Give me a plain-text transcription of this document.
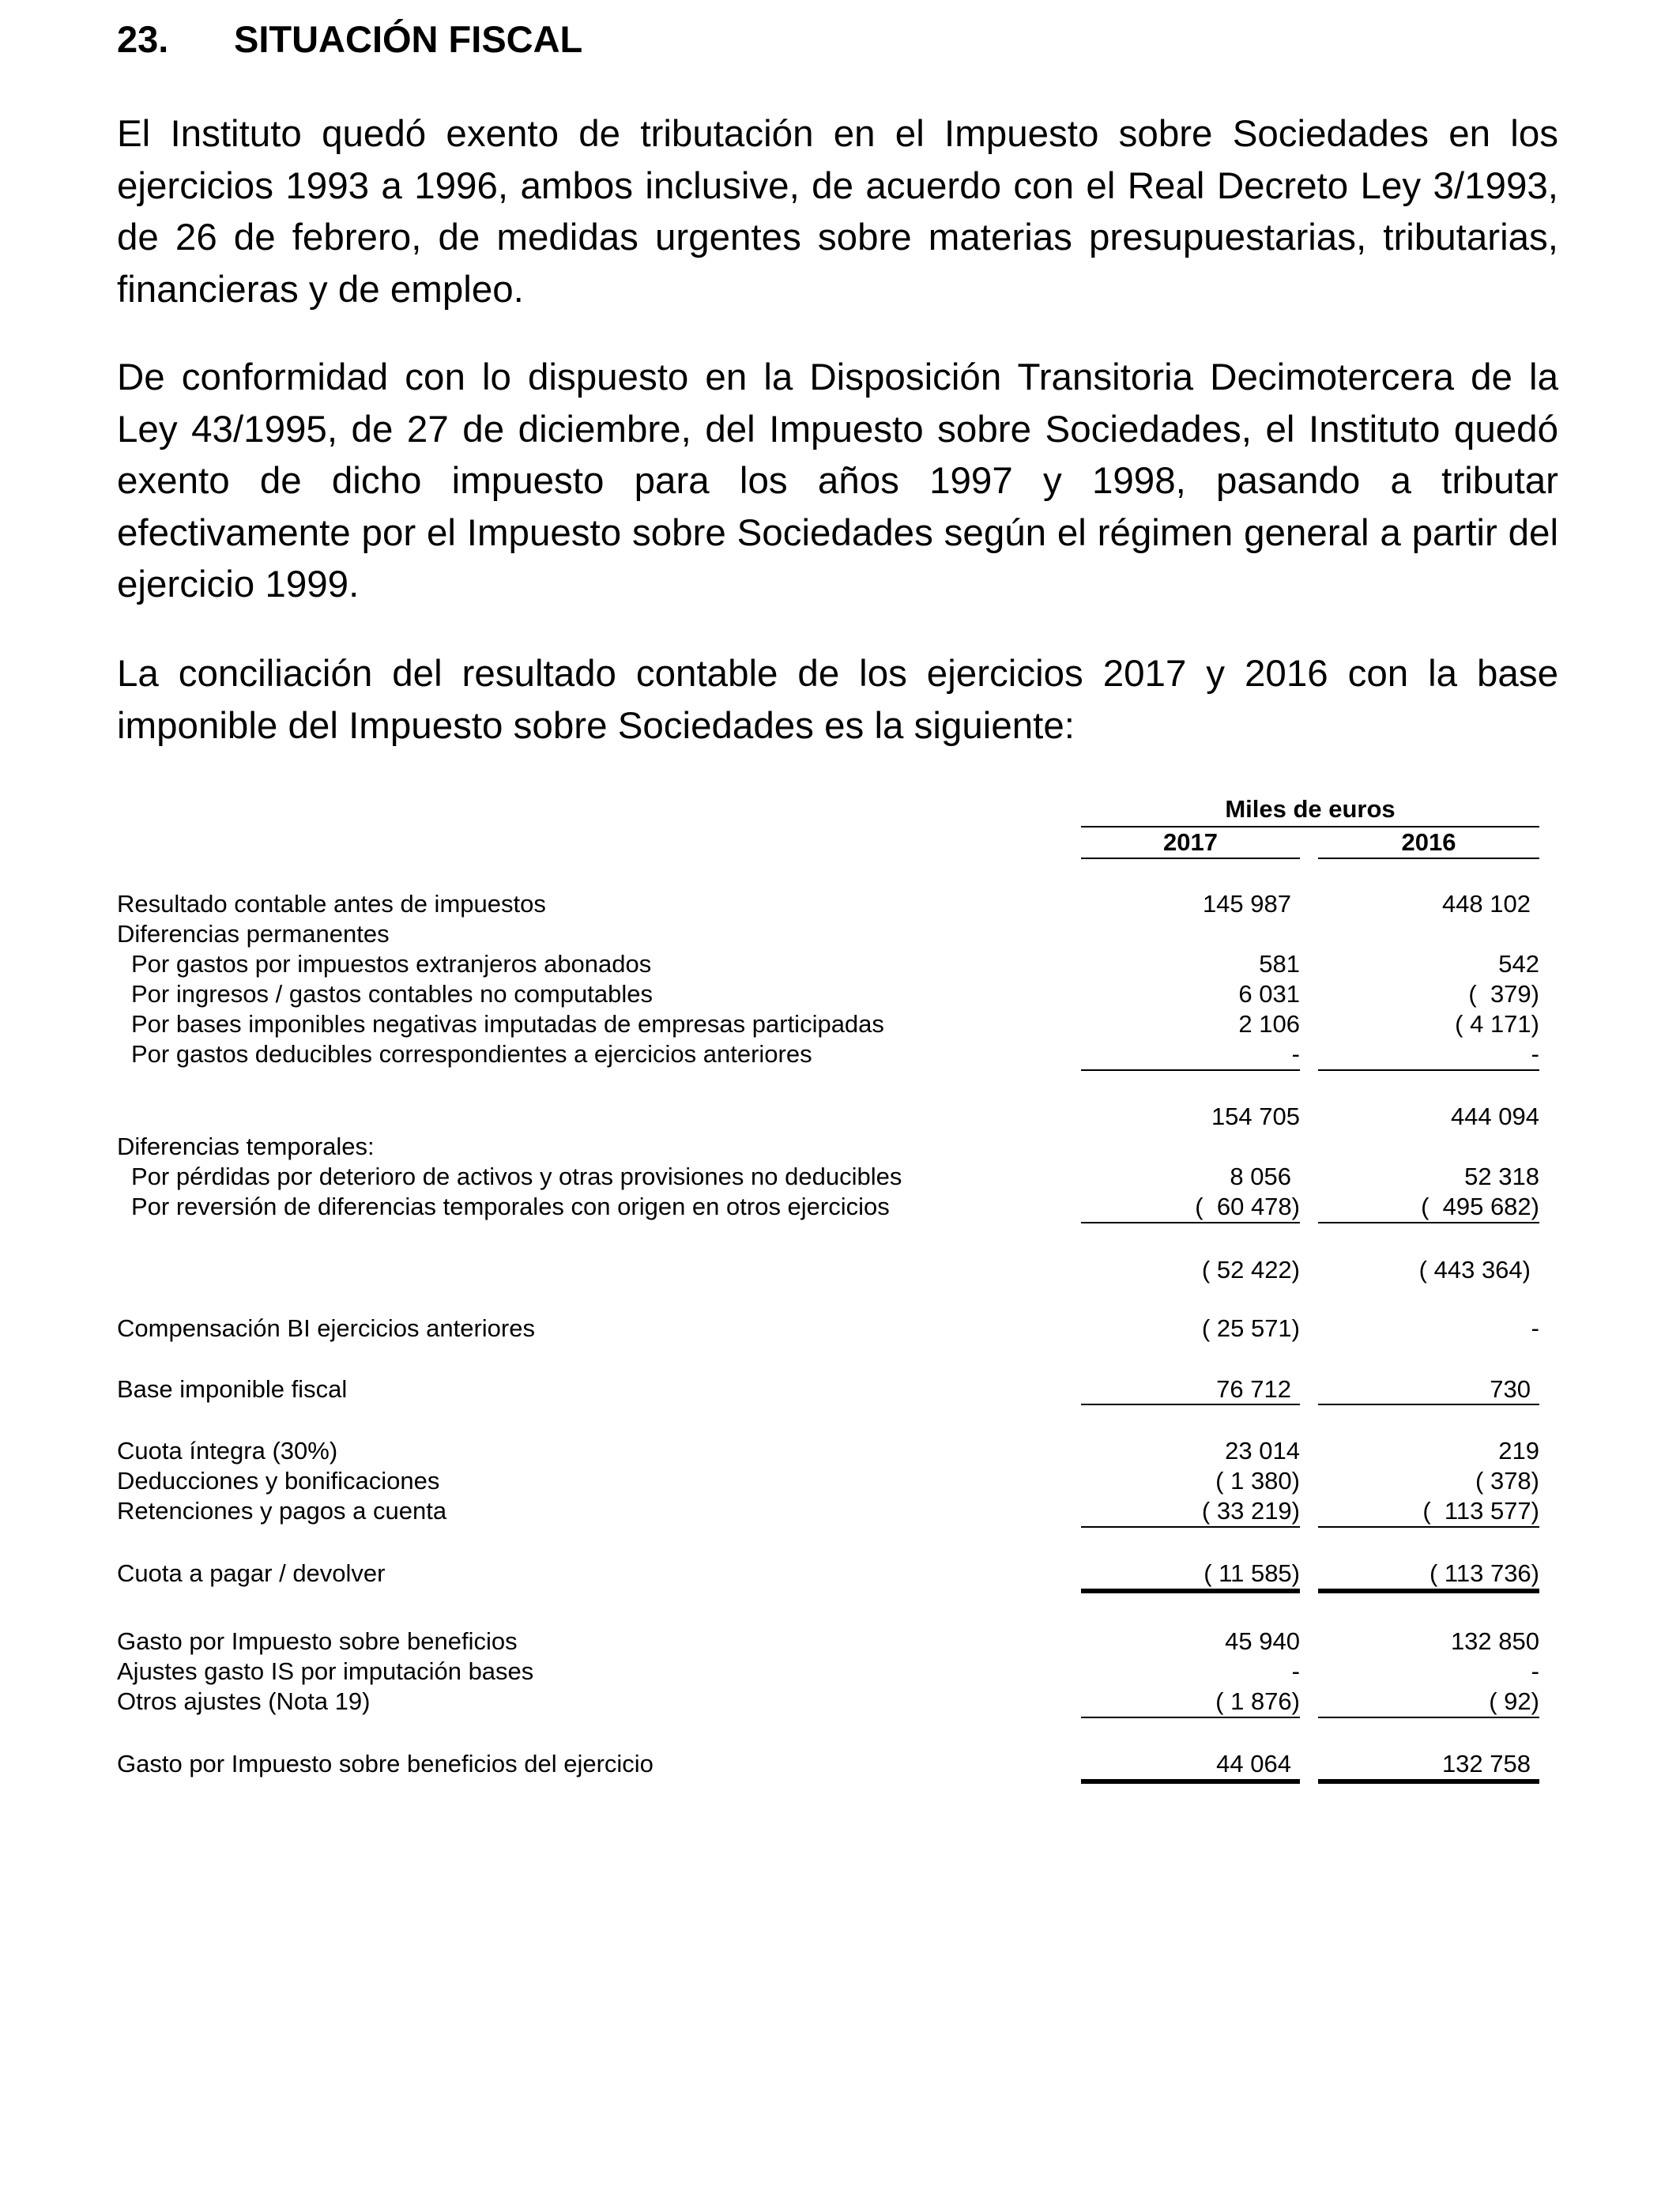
23. SITUACIÓN FISCAL

El Instituto quedó exento de tributación en el Impuesto sobre Sociedades en los ejercicios 1993 a 1996, ambos inclusive, de acuerdo con el Real Decreto Ley 3/1993, de 26 de febrero, de medidas urgentes sobre materias presupuestarias, tributarias, financieras y de empleo.

De conformidad con lo dispuesto en la Disposición Transitoria Decimotercera de la Ley 43/1995, de 27 de diciembre, del Impuesto sobre Sociedades, el Instituto quedó exento de dicho impuesto para los años 1997 y 1998, pasando a tributar efectivamente por el Impuesto sobre Sociedades según el régimen general a partir del ejercicio 1999.

La conciliación del resultado contable de los ejercicios 2017 y 2016 con la base imponible del Impuesto sobre Sociedades es la siguiente:

Miles de euros
2017	2016
Resultado contable antes de impuestos	145 987	448 102
Diferencias permanentes
Por gastos por impuestos extranjeros abonados	581	542
Por ingresos / gastos contables no computables	6 031	(  379)
Por bases imponibles negativas imputadas de empresas participadas	2 106	( 4 171)
Por gastos deducibles correspondientes a ejercicios anteriores	-	-
154 705	444 094
Diferencias temporales:
Por pérdidas por deterioro de activos y otras provisiones no deducibles	8 056	52 318
Por reversión de diferencias temporales con origen en otros ejercicios	(  60 478)	(  495 682)
( 52 422)	( 443 364)
Compensación BI ejercicios anteriores	( 25 571)	-
Base imponible fiscal	76 712	730
Cuota íntegra (30%)	23 014	219
Deducciones y bonificaciones	( 1 380)	( 378)
Retenciones y pagos a cuenta	( 33 219)	(  113 577)
Cuota a pagar / devolver	( 11 585)	( 113 736)
Gasto por Impuesto sobre beneficios	45 940	132 850
Ajustes gasto IS por imputación bases	-	-
Otros ajustes (Nota 19)	( 1 876)	( 92)
Gasto por Impuesto sobre beneficios del ejercicio	44 064	132 758
